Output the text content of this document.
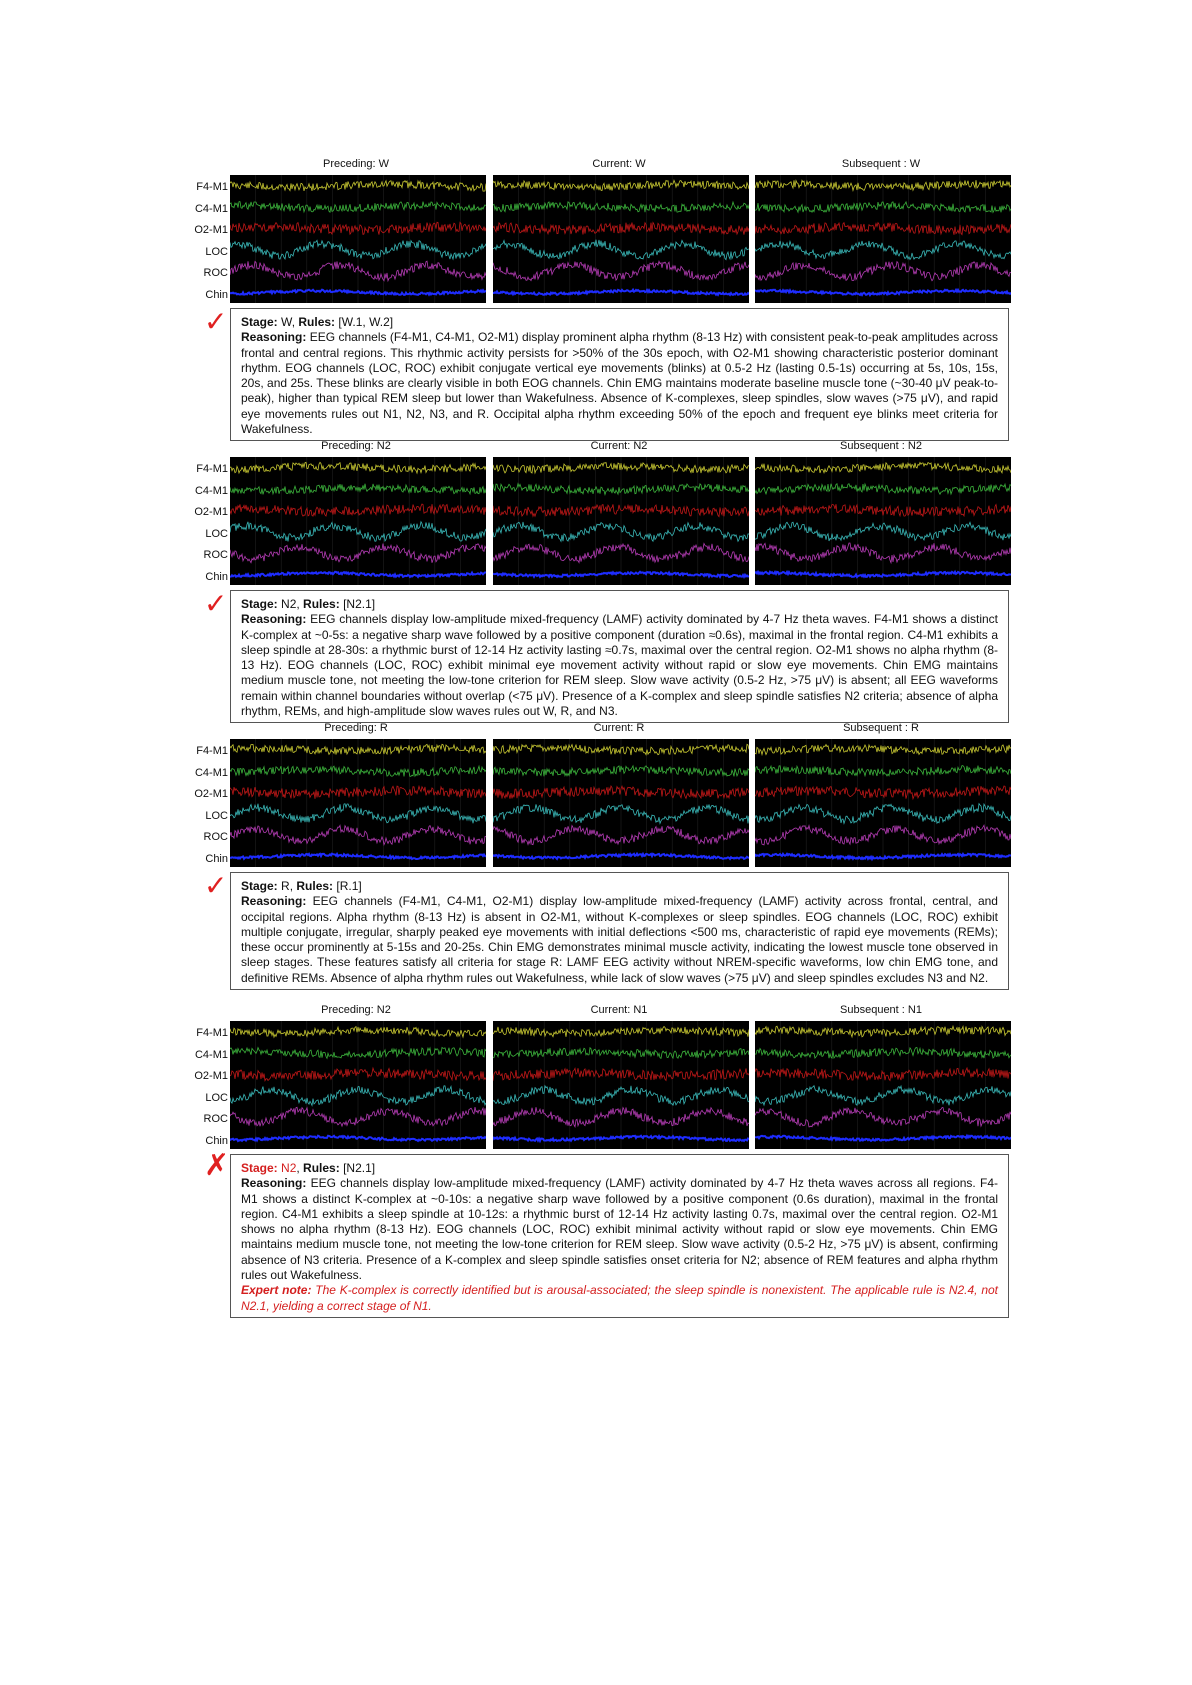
Preceding: W	Current: W	Subsequent : W
F4-M1
C4-M1
O2-M1
LOC
ROC
Chin
✓ Stage: W, Rules: [W.1, W.2]
Reasoning: EEG channels (F4-M1, C4-M1, O2-M1) display prominent alpha rhythm (8-13 Hz) with consistent peak-to-peak amplitudes across frontal and central regions. This rhythmic activity persists for >50% of the 30s epoch, with O2-M1 showing characteristic posterior dominant rhythm. EOG channels (LOC, ROC) exhibit conjugate vertical eye movements (blinks) at 0.5-2 Hz (lasting 0.5-1s) occurring at 5s, 10s, 15s, 20s, and 25s. These blinks are clearly visible in both EOG channels. Chin EMG maintains moderate baseline muscle tone (~30-40 μV peak-to-peak), higher than typical REM sleep but lower than Wakefulness. Absence of K-complexes, sleep spindles, slow waves (>75 μV), and rapid eye movements rules out N1, N2, N3, and R. Occipital alpha rhythm exceeding 50% of the epoch and frequent eye blinks meet criteria for Wakefulness.
Preceding: N2	Current: N2	Subsequent : N2
F4-M1
C4-M1
O2-M1
LOC
ROC
Chin
✓ Stage: N2, Rules: [N2.1]
Reasoning: EEG channels display low-amplitude mixed-frequency (LAMF) activity dominated by 4-7 Hz theta waves. F4-M1 shows a distinct K-complex at ~0-5s: a negative sharp wave followed by a positive component (duration ≈0.6s), maximal in the frontal region. C4-M1 exhibits a sleep spindle at 28-30s: a rhythmic burst of 12-14 Hz activity lasting ≈0.7s, maximal over the central region. O2-M1 shows no alpha rhythm (8-13 Hz). EOG channels (LOC, ROC) exhibit minimal eye movement activity without rapid or slow eye movements. Chin EMG maintains medium muscle tone, not meeting the low-tone criterion for REM sleep. Slow wave activity (0.5-2 Hz, >75 μV) is absent; all EEG waveforms remain within channel boundaries without overlap (<75 μV). Presence of a K-complex and sleep spindle satisfies N2 criteria; absence of alpha rhythm, REMs, and high-amplitude slow waves rules out W, R, and N3.
Preceding: R	Current: R	Subsequent : R
F4-M1
C4-M1
O2-M1
LOC
ROC
Chin
✓ Stage: R, Rules: [R.1]
Reasoning: EEG channels (F4-M1, C4-M1, O2-M1) display low-amplitude mixed-frequency (LAMF) activity across frontal, central, and occipital regions. Alpha rhythm (8-13 Hz) is absent in O2-M1, without K-complexes or sleep spindles. EOG channels (LOC, ROC) exhibit multiple conjugate, irregular, sharply peaked eye movements with initial deflections <500 ms, characteristic of rapid eye movements (REMs); these occur prominently at 5-15s and 20-25s. Chin EMG demonstrates minimal muscle activity, indicating the lowest muscle tone observed in sleep stages. These features satisfy all criteria for stage R: LAMF EEG activity without NREM-specific waveforms, low chin EMG tone, and definitive REMs. Absence of alpha rhythm rules out Wakefulness, while lack of slow waves (>75 μV) and sleep spindles excludes N3 and N2.
Preceding: N2	Current: N1	Subsequent : N1
F4-M1
C4-M1
O2-M1
LOC
ROC
Chin
✗ Stage: N2, Rules: [N2.1]
Reasoning: EEG channels display low-amplitude mixed-frequency (LAMF) activity dominated by 4-7 Hz theta waves across all regions. F4-M1 shows a distinct K-complex at ~0-10s: a negative sharp wave followed by a positive component (0.6s duration), maximal in the frontal region. C4-M1 exhibits a sleep spindle at 10-12s: a rhythmic burst of 12-14 Hz activity lasting 0.7s, maximal over the central region. O2-M1 shows no alpha rhythm (8-13 Hz). EOG channels (LOC, ROC) exhibit minimal activity without rapid or slow eye movements. Chin EMG maintains medium muscle tone, not meeting the low-tone criterion for REM sleep. Slow wave activity (0.5-2 Hz, >75 μV) is absent, confirming absence of N3 criteria. Presence of a K-complex and sleep spindle satisfies onset criteria for N2; absence of REM features and alpha rhythm rules out Wakefulness.
Expert note: The K-complex is correctly identified but is arousal-associated; the sleep spindle is nonexistent. The applicable rule is N2.4, not N2.1, yielding a correct stage of N1.
